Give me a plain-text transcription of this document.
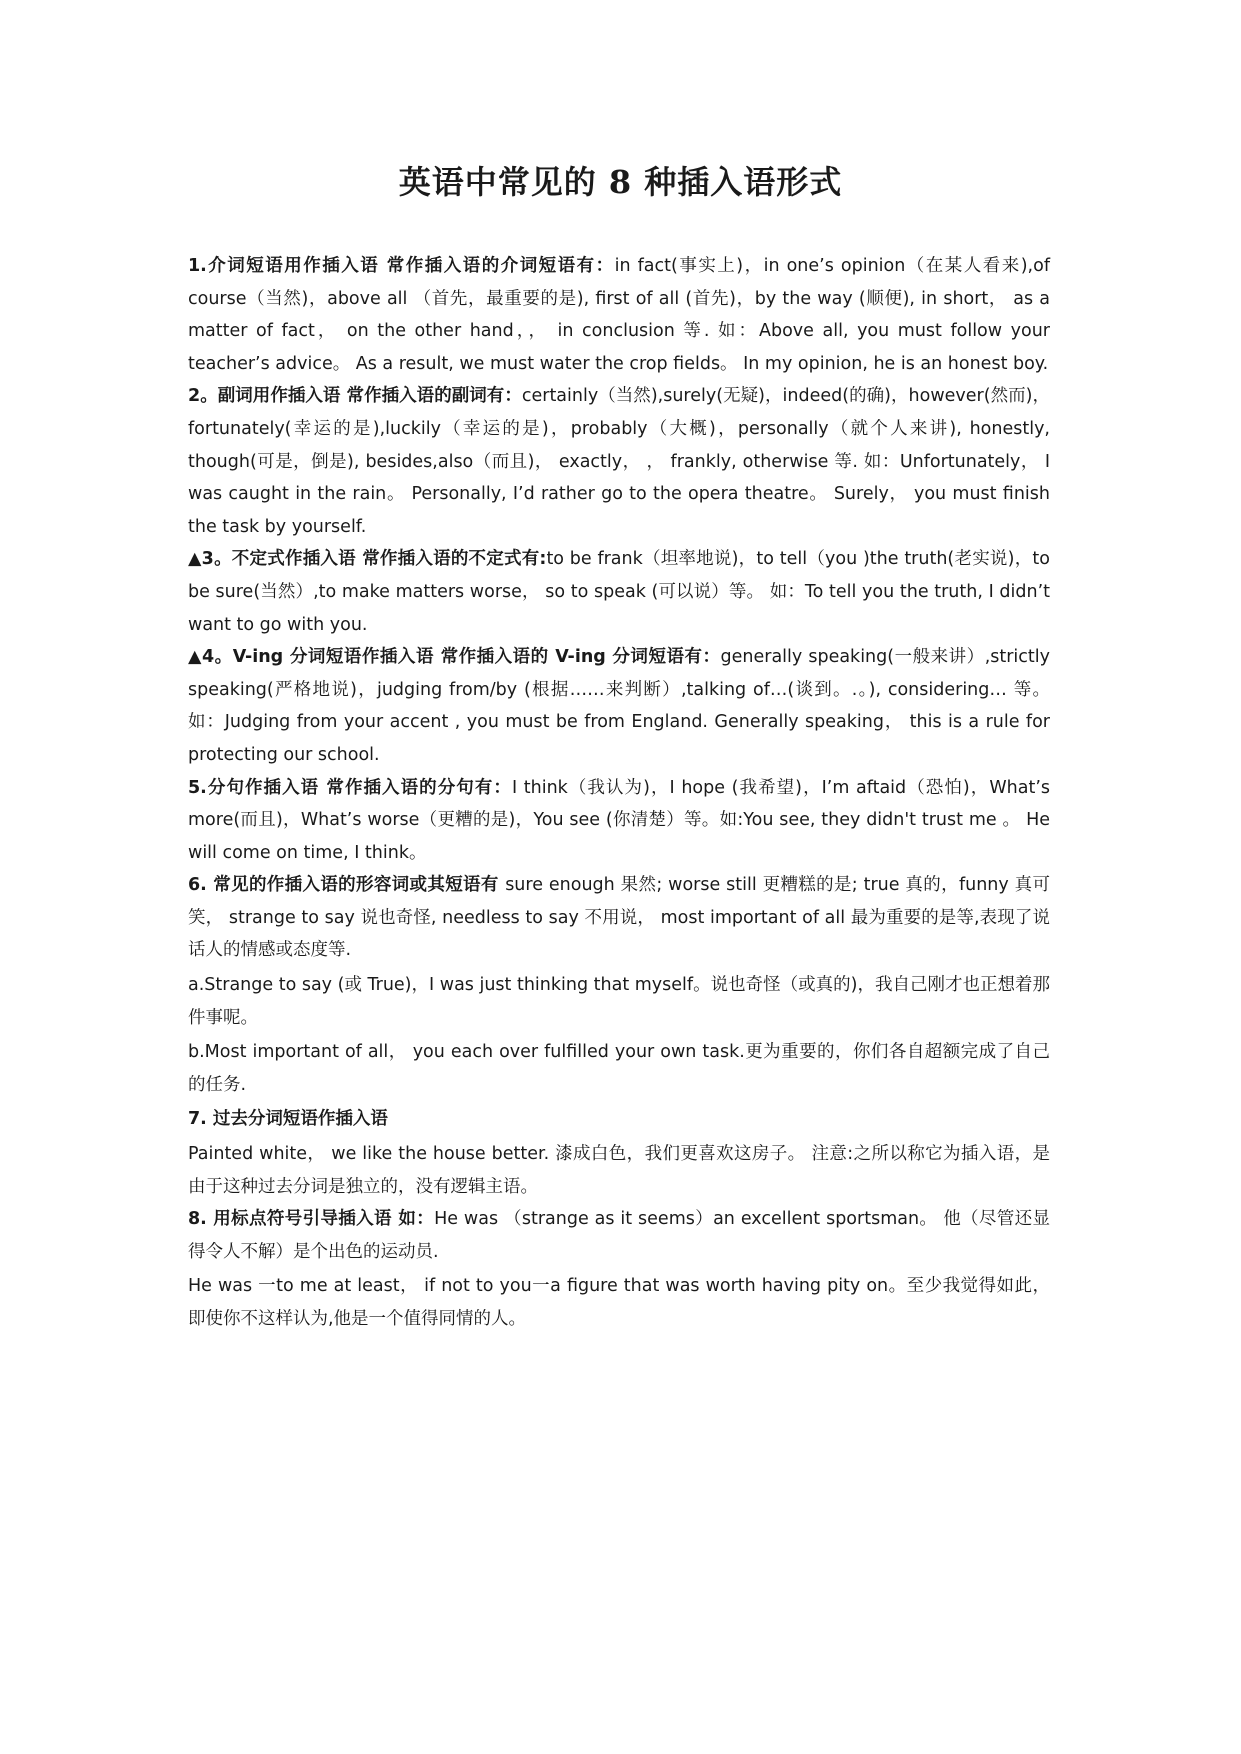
英语中常见的 8 种插入语形式

1.介词短语用作插入语 常作插入语的介词短语有：in fact(事实上)，in one’s opinion（在某人看来),of course（当然)，above all （首先，最重要的是), first of all (首先)，by the way (顺便), in short， as a matter of fact， on the other hand，， in conclusion 等. 如：Above all, you must follow your teacher’s advice。 As a result, we must water the crop fields。 In my opinion, he is an honest boy.

2。副词用作插入语 常作插入语的副词有：certainly（当然),surely(无疑)，indeed(的确)，however(然而)，fortunately(幸运的是),luckily（幸运的是)，probably（大概)，personally（就个人来讲), honestly, though(可是，倒是), besides,also（而且)， exactly， ， frankly, otherwise 等. 如：Unfortunately， I was caught in the rain。 Personally, I’d rather go to the opera theatre。 Surely， you must finish the task by yourself.

▲3。不定式作插入语 常作插入语的不定式有:to be frank（坦率地说)，to tell（you )the truth(老实说)，to be sure(当然）,to make matters worse， so to speak (可以说）等。 如：To tell you the truth, I didn’t want to go with you.

▲4。V-ing 分词短语作插入语 常作插入语的 V-ing 分词短语有：generally speaking(一般来讲）,strictly speaking(严格地说)，judging from/by (根据……来判断）,talking of…(谈到。.。), considering… 等。 如：Judging from your accent , you must be from England. Generally speaking， this is a rule for protecting our school.

5.分句作插入语 常作插入语的分句有：I think（我认为)，I hope (我希望)，I’m aftaid（恐怕)，What’s more(而且)，What’s worse（更糟的是)，You see (你清楚）等。如:You see, they didn't trust me 。 He will come on time, I think。

6. 常见的作插入语的形容词或其短语有 sure enough 果然; worse still 更糟糕的是; true 真的，funny 真可笑， strange to say 说也奇怪, needless to say 不用说， most important of all 最为重要的是等,表现了说话人的情感或态度等.

a.Strange to say (或 True)，I was just thinking that myself。说也奇怪（或真的)，我自己刚才也正想着那件事呢。

b.Most important of all， you each over fulfilled your own task.更为重要的，你们各自超额完成了自己的任务.

7. 过去分词短语作插入语

Painted white， we like the house better. 漆成白色，我们更喜欢这房子。 注意:之所以称它为插入语，是由于这种过去分词是独立的，没有逻辑主语。

8. 用标点符号引导插入语 如：He was （strange as it seems）an excellent sportsman。 他（尽管还显得令人不解）是个出色的运动员.

He was 一to me at least， if not to you一a figure that was worth having pity on。至少我觉得如此，即使你不这样认为,他是一个值得同情的人。
